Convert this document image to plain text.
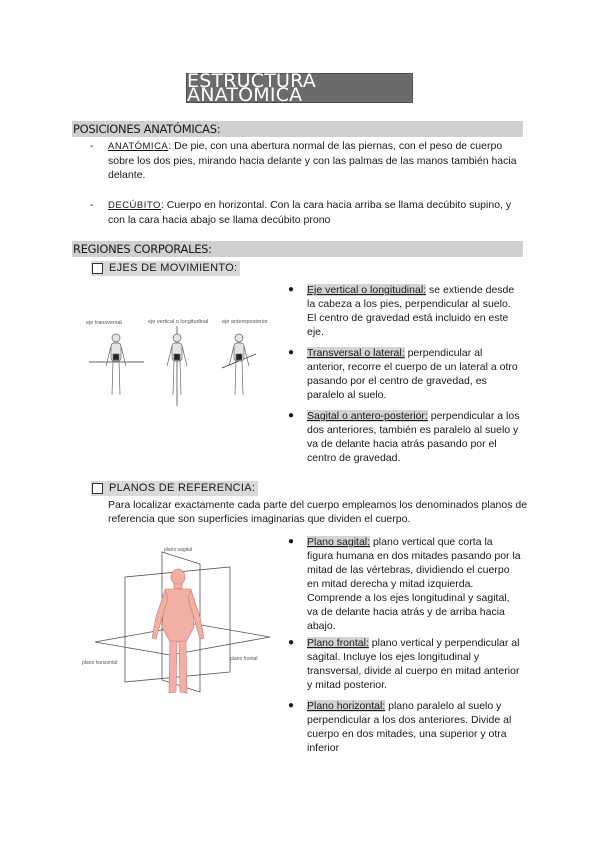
ESTRUCTURA ANATÓMICA
POSICIONES ANATÓMICAS:
- ANATÓMICA: De pie, con una abertura normal de las piernas, con el peso de cuerpo sobre los dos pies, mirando hacia delante y con las palmas de las manos también hacia delante.
- DECÚBITO: Cuerpo en horizontal. Con la cara hacia arriba se llama decúbito supino, y con la cara hacia abajo se llama decúbito prono
REGIONES CORPORALES:
EJES DE MOVIMIENTO:
eje transversal	eje vertical o longitudinal	eje anteroposterior
● Eje vertical o longitudinal: se extiende desde la cabeza a los pies, perpendicular al suelo. El centro de gravedad está incluido en este eje.
● Transversal o lateral: perpendicular al anterior, recorre el cuerpo de un lateral a otro pasando por el centro de gravedad, es paralelo al suelo.
● Sagital o antero-posterior: perpendicular a los dos anteriores, también es paralelo al suelo y va de delante hacia atrás pasando por el centro de gravedad.
PLANOS DE REFERENCIA:
Para localizar exactamente cada parte del cuerpo empleamos los denominados planos de referencia que son superficies imaginarias que dividen el cuerpo.
plano sagital
plano frontal
plano horizontal
● Plano sagital: plano vertical que corta la figura humana en dos mitades pasando por la mitad de las vértebras, dividiendo el cuerpo en mitad derecha y mitad izquierda. Comprende a los ejes longitudinal y sagital, va de delante hacia atrás y de arriba hacia abajo.
● Plano frontal: plano vertical y perpendicular al sagital. Incluye los ejes longitudinal y transversal, divide al cuerpo en mitad anterior y mitad posterior.
● Plano horizontal: plano paralelo al suelo y perpendicular a los dos anteriores. Divide al cuerpo en dos mitades, una superior y otra inferior
